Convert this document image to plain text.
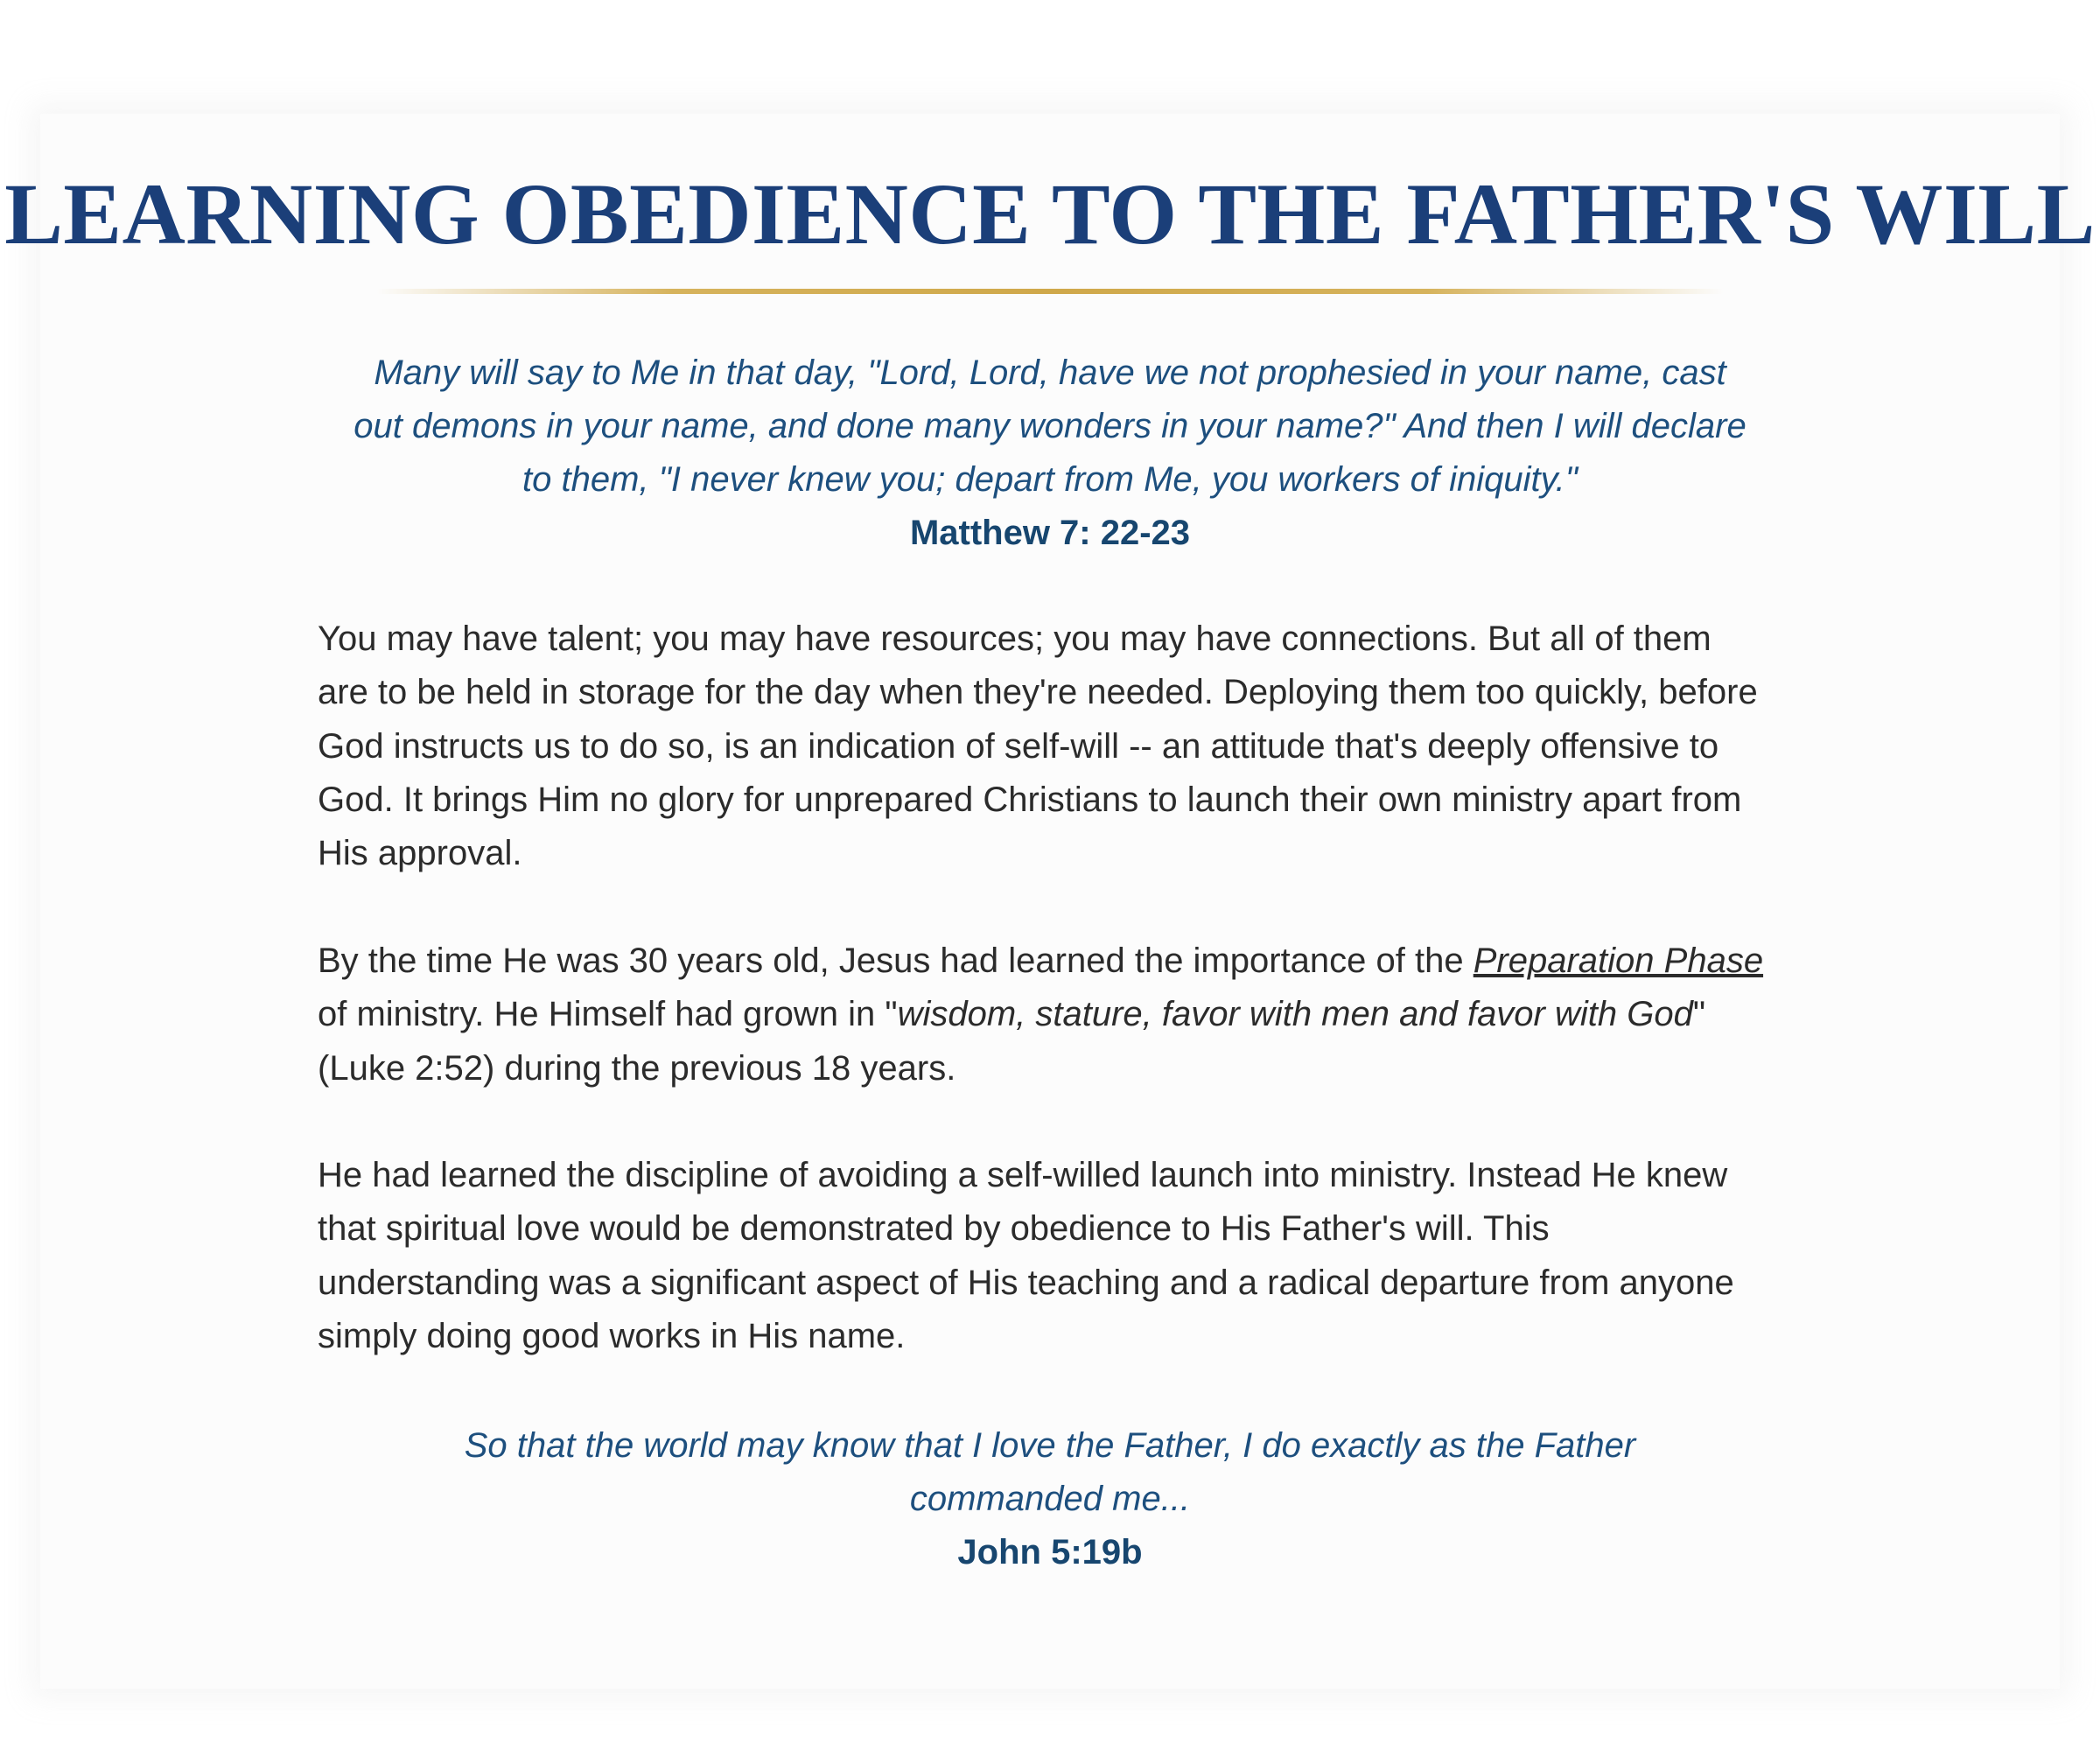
LEARNING OBEDIENCE TO THE FATHER'S WILL

Many will say to Me in that day, "Lord, Lord, have we not prophesied in your name, cast out demons in your name, and done many wonders in your name?" And then I will declare to them, "I never knew you; depart from Me, you workers of iniquity."

Matthew 7: 22-23

You may have talent; you may have resources; you may have connections. But all of them are to be held in storage for the day when they're needed. Deploying them too quickly, before God instructs us to do so, is an indication of self-will -- an attitude that's deeply offensive to God. It brings Him no glory for unprepared Christians to launch their own ministry apart from His approval.

By the time He was 30 years old, Jesus had learned the importance of the Preparation Phase of ministry. He Himself had grown in "wisdom, stature, favor with men and favor with God" (Luke 2:52) during the previous 18 years.

He had learned the discipline of avoiding a self-willed launch into ministry. Instead He knew that spiritual love would be demonstrated by obedience to His Father's will. This understanding was a significant aspect of His teaching and a radical departure from anyone simply doing good works in His name.

So that the world may know that I love the Father, I do exactly as the Father commanded me...

John 5:19b
